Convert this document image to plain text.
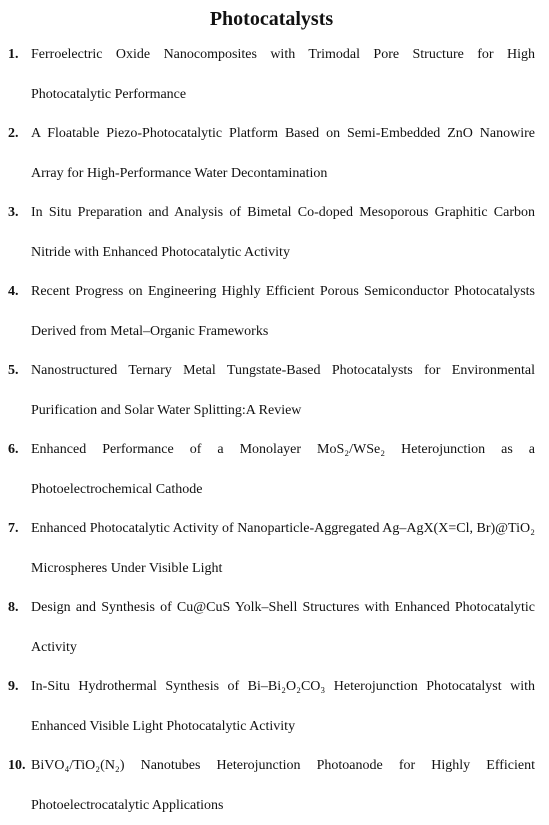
Photocatalysts
1. Ferroelectric Oxide Nanocomposites with Trimodal Pore Structure for High Photocatalytic Performance
2. A Floatable Piezo-Photocatalytic Platform Based on Semi-Embedded ZnO Nanowire Array for High-Performance Water Decontamination
3. In Situ Preparation and Analysis of Bimetal Co-doped Mesoporous Graphitic Carbon Nitride with Enhanced Photocatalytic Activity
4. Recent Progress on Engineering Highly Efficient Porous Semiconductor Photocatalysts Derived from Metal–Organic Frameworks
5. Nanostructured Ternary Metal Tungstate-Based Photocatalysts for Environmental Purification and Solar Water Splitting:A Review
6. Enhanced Performance of a Monolayer MoS₂/WSe₂ Heterojunction as a Photoelectrochemical Cathode
7. Enhanced Photocatalytic Activity of Nanoparticle-Aggregated Ag–AgX(X=Cl, Br)@TiO₂ Microspheres Under Visible Light
8. Design and Synthesis of Cu@CuS Yolk–Shell Structures with Enhanced Photocatalytic Activity
9. In-Situ Hydrothermal Synthesis of Bi–Bi₂O₂CO₃ Heterojunction Photocatalyst with Enhanced Visible Light Photocatalytic Activity
10. BiVO₄/TiO₂(N₂) Nanotubes Heterojunction Photoanode for Highly Efficient Photoelectrocatalytic Applications
